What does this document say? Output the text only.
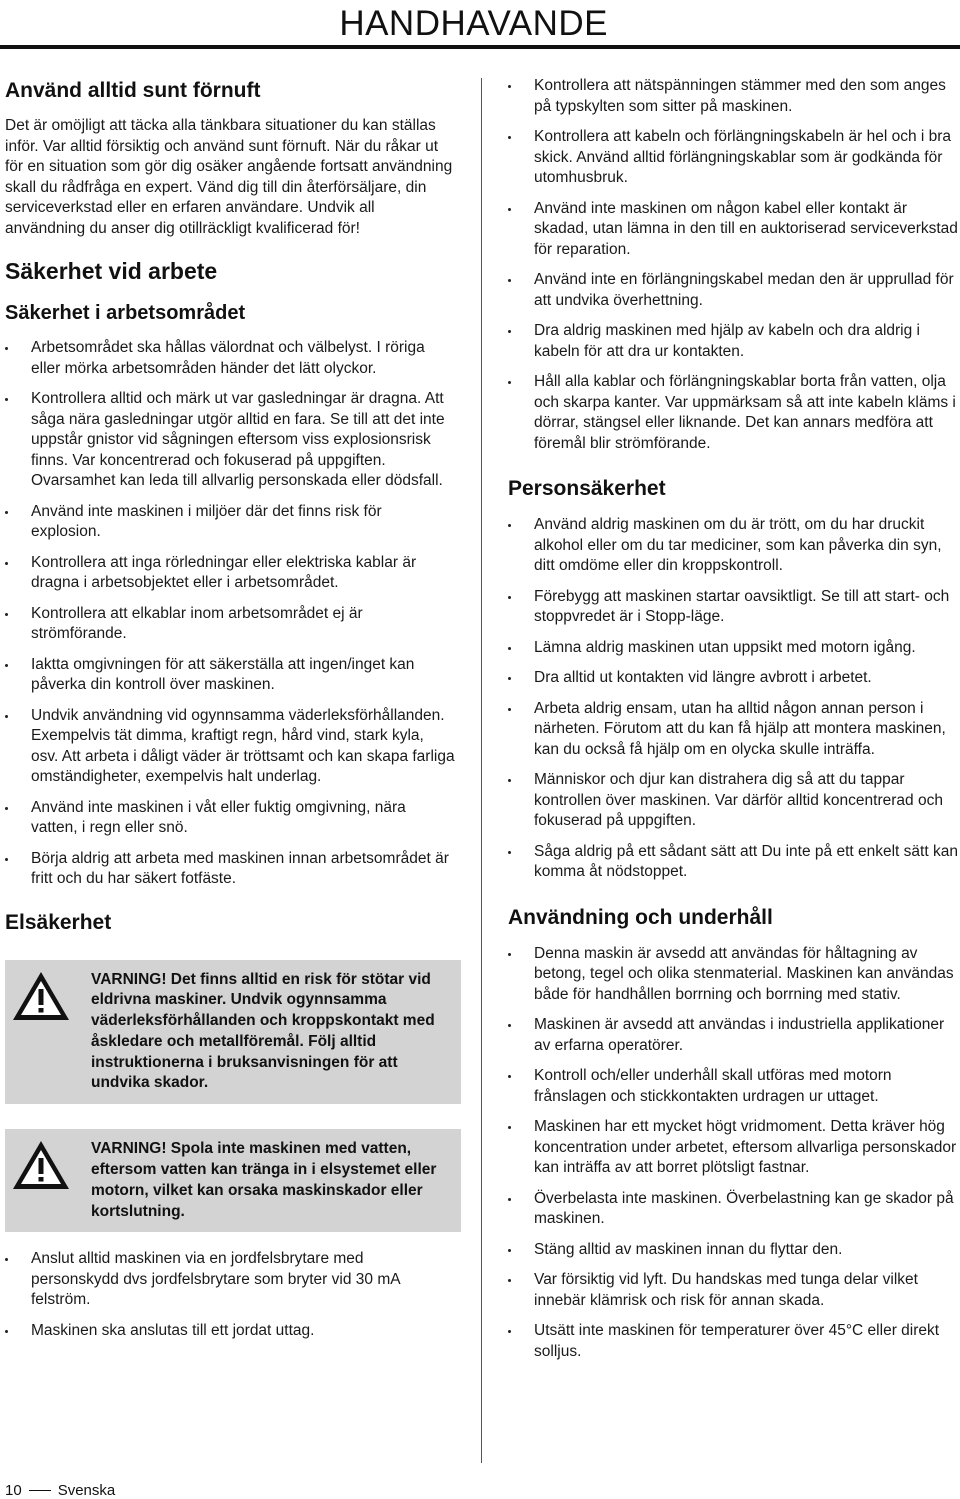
HANDHAVANDE
Använd alltid sunt förnuft

Det är omöjligt att täcka alla tänkbara situationer du kan ställas inför. Var alltid försiktig och använd sunt förnuft. När du råkar ut för en situation som gör dig osäker angående fortsatt användning skall du rådfråga en expert. Vänd dig till din återförsäljare, din serviceverkstad eller en erfaren användare. Undvik all användning du anser dig otillräckligt kvalificerad för!

Säkerhet vid arbete
Säkerhet i arbetsområdet
Arbetsområdet ska hållas välordnat och välbelyst. I röriga eller mörka arbetsområden händer det lätt olyckor.
Kontrollera alltid och märk ut var gasledningar är dragna. Att såga nära gasledningar utgör alltid en fara. Se till att det inte uppstår gnistor vid sågningen eftersom viss explosionsrisk finns. Var koncentrerad och fokuserad på uppgiften. Ovarsamhet kan leda till allvarlig personskada eller dödsfall.
Använd inte maskinen i miljöer där det finns risk för explosion.
Kontrollera att inga rörledningar eller elektriska kablar är dragna i arbetsobjektet eller i arbetsområdet.
Kontrollera att elkablar inom arbetsområdet ej är strömförande.
Iaktta omgivningen för att säkerställa att ingen/inget kan påverka din kontroll över maskinen.
Undvik användning vid ogynnsamma väderleksförhållanden. Exempelvis tät dimma, kraftigt regn, hård vind, stark kyla, osv. Att arbeta i dåligt väder är tröttsamt och kan skapa farliga omständigheter, exempelvis halt underlag.
Använd inte maskinen i våt eller fuktig omgivning, nära vatten, i regn eller snö.
Börja aldrig att arbeta med maskinen innan arbetsområdet är fritt och du har säkert fotfäste.
Elsäkerhet
VARNING! Det finns alltid en risk för stötar vid eldrivna maskiner. Undvik ogynnsamma väderleksförhållanden och kroppskontakt med åskledare och metallföremål. Följ alltid instruktionerna i bruksanvisningen för att undvika skador.
VARNING! Spola inte maskinen med vatten, eftersom vatten kan tränga in i elsystemet eller motorn, vilket kan orsaka maskinskador eller kortslutning.
Anslut alltid maskinen via en jordfelsbrytare med personskydd dvs jordfelsbrytare som bryter vid 30 mA felström.
Maskinen ska anslutas till ett jordat uttag.
Kontrollera att nätspänningen stämmer med den som anges på typskylten som sitter på maskinen.
Kontrollera att kabeln och förlängningskabeln är hel och i bra skick. Använd alltid förlängningskablar som är godkända för utomhusbruk.
Använd inte maskinen om någon kabel eller kontakt är skadad, utan lämna in den till en auktoriserad serviceverkstad för reparation.
Använd inte en förlängningskabel medan den är upprullad för att undvika överhettning.
Dra aldrig maskinen med hjälp av kabeln och dra aldrig i kabeln för att dra ur kontakten.
Håll alla kablar och förlängningskablar borta från vatten, olja och skarpa kanter. Var uppmärksam så att inte kabeln kläms i dörrar, stängsel eller liknande. Det kan annars medföra att föremål blir strömförande.
Personsäkerhet
Använd aldrig maskinen om du är trött, om du har druckit alkohol eller om du tar mediciner, som kan påverka din syn, ditt omdöme eller din kroppskontroll.
Förebygg att maskinen startar oavsiktligt. Se till att start- och stoppvredet är i Stopp-läge.
Lämna aldrig maskinen utan uppsikt med motorn igång.
Dra alltid ut kontakten vid längre avbrott i arbetet.
Arbeta aldrig ensam, utan ha alltid någon annan person i närheten. Förutom att du kan få hjälp att montera maskinen, kan du också få hjälp om en olycka skulle inträffa.
Människor och djur kan distrahera dig så att du tappar kontrollen över maskinen. Var därför alltid koncentrerad och fokuserad på uppgiften.
Såga aldrig på ett sådant sätt att Du inte på ett enkelt sätt kan komma åt nödstoppet.
Användning och underhåll
Denna maskin är avsedd att användas för håltagning av betong, tegel och olika stenmaterial. Maskinen kan användas både för handhållen borrning och borrning med stativ.
Maskinen är avsedd att användas i industriella applikationer av erfarna operatörer.
Kontroll och/eller underhåll skall utföras med motorn frånslagen och stickkontakten urdragen ur uttaget.
Maskinen har ett mycket högt vridmoment. Detta kräver hög koncentration under arbetet, eftersom allvarliga personskador kan inträffa av att borret plötsligt fastnar.
Överbelasta inte maskinen. Överbelastning kan ge skador på maskinen.
Stäng alltid av maskinen innan du flyttar den.
Var försiktig vid lyft. Du handskas med tunga delar vilket innebär klämrisk och risk för annan skada.
Utsätt inte maskinen för temperaturer över 45°C eller direkt solljus.
10 Svenska
